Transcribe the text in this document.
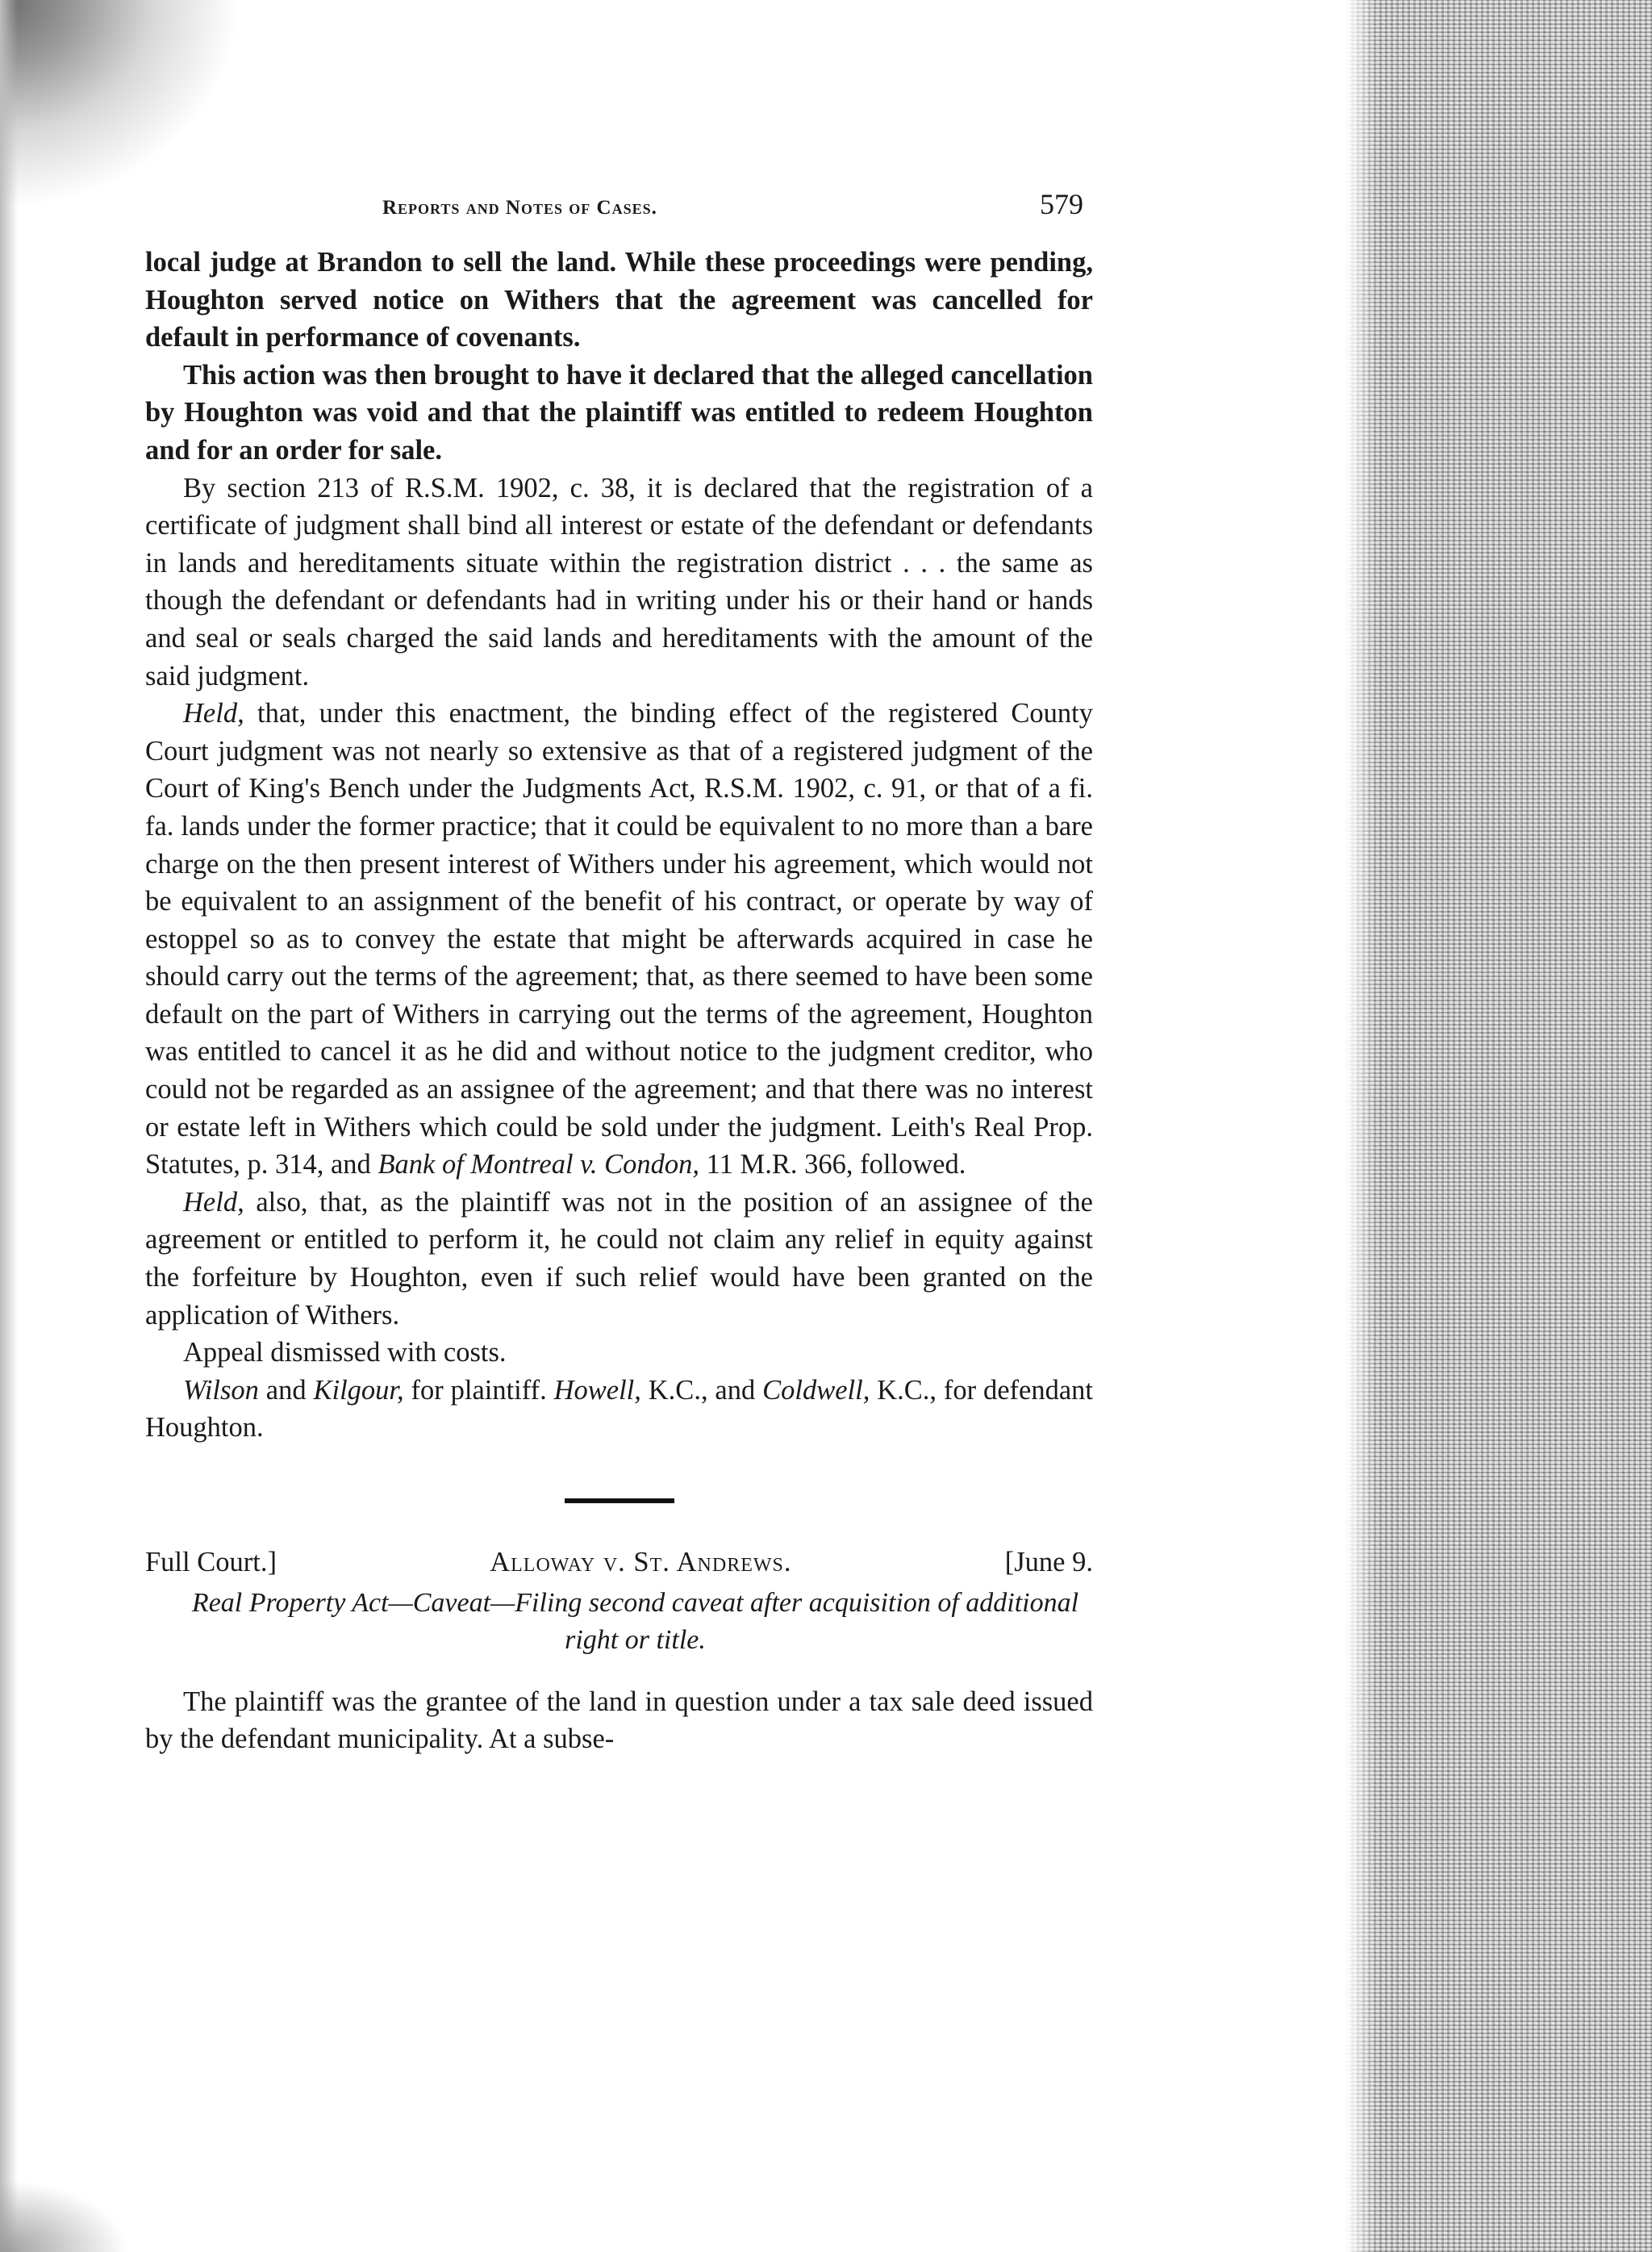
Reports and Notes of Cases.	579

local judge at Brandon to sell the land. While these proceedings were pending, Houghton served notice on Withers that the agreement was cancelled for default in performance of covenants.

This action was then brought to have it declared that the alleged cancellation by Houghton was void and that the plaintiff was entitled to redeem Houghton and for an order for sale.

By section 213 of R.S.M. 1902, c. 38, it is declared that the registration of a certificate of judgment shall bind all interest or estate of the defendant or defendants in lands and hereditaments situate within the registration district . . . the same as though the defendant or defendants had in writing under his or their hand or hands and seal or seals charged the said lands and hereditaments with the amount of the said judgment.

Held, that, under this enactment, the binding effect of the registered County Court judgment was not nearly so extensive as that of a registered judgment of the Court of King's Bench under the Judgments Act, R.S.M. 1902, c. 91, or that of a fi. fa. lands under the former practice; that it could be equivalent to no more than a bare charge on the then present interest of Withers under his agreement, which would not be equivalent to an assignment of the benefit of his contract, or operate by way of estoppel so as to convey the estate that might be afterwards acquired in case he should carry out the terms of the agreement; that, as there seemed to have been some default on the part of Withers in carrying out the terms of the agreement, Houghton was entitled to cancel it as he did and without notice to the judgment creditor, who could not be regarded as an assignee of the agreement; and that there was no interest or estate left in Withers which could be sold under the judgment. Leith's Real Prop. Statutes, p. 314, and Bank of Montreal v. Condon, 11 M.R. 366, followed.

Held, also, that, as the plaintiff was not in the position of an assignee of the agreement or entitled to perform it, he could not claim any relief in equity against the forfeiture by Houghton, even if such relief would have been granted on the application of Withers.

Appeal dismissed with costs.

Wilson and Kilgour, for plaintiff. Howell, K.C., and Coldwell, K.C., for defendant Houghton.

Full Court.]	Alloway v. St. Andrews.	[June 9.
Real Property Act—Caveat—Filing second caveat after acquisition of additional right or title.

The plaintiff was the grantee of the land in question under a tax sale deed issued by the defendant municipality. At a subse-
